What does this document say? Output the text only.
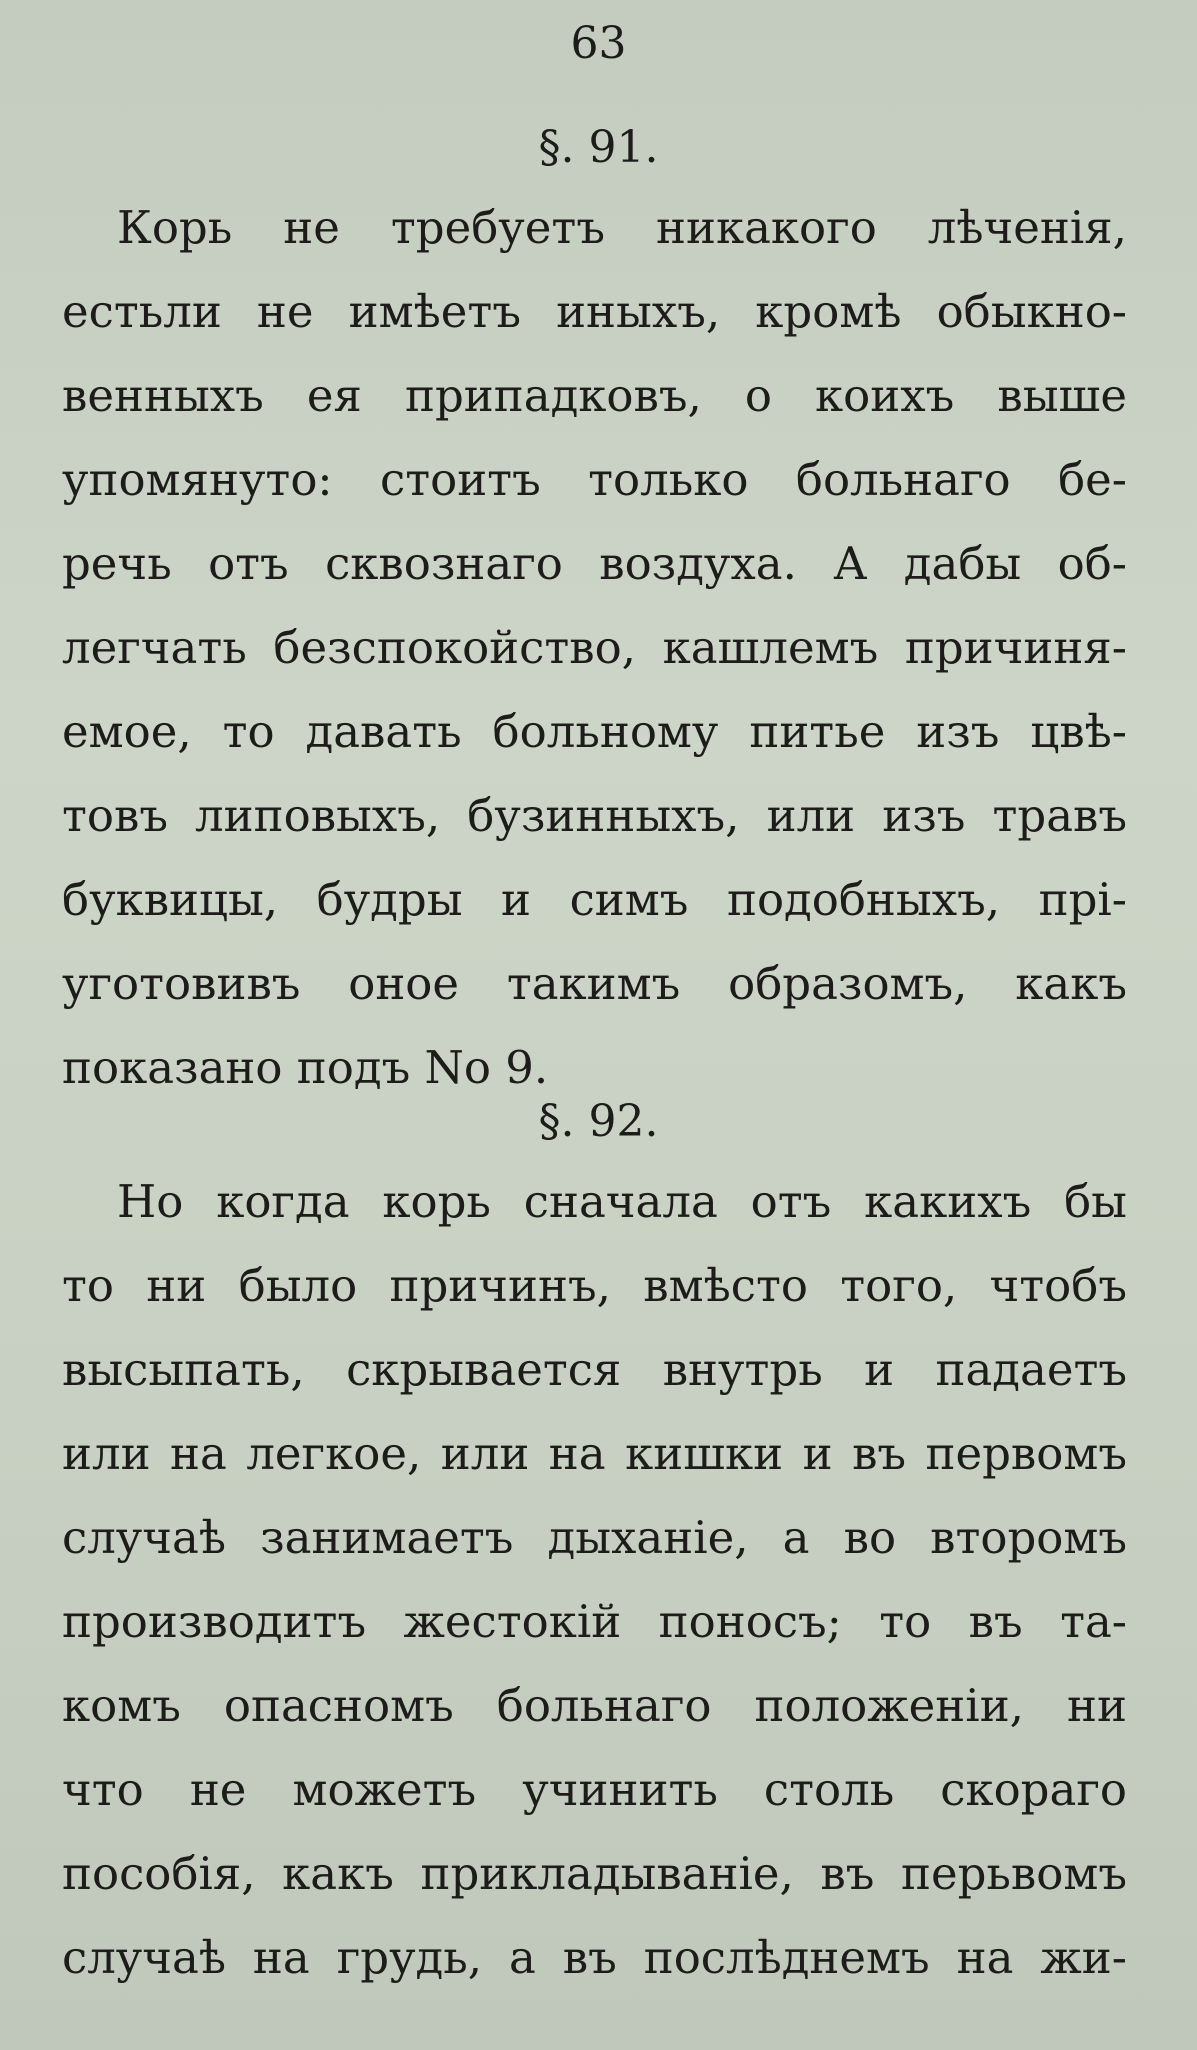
63
§. 91.
Корь не требуетъ никакого лѣченія,
естьли не имѣетъ иныхъ, кромѣ обыкно-
венныхъ ея припадковъ, о коихъ выше
упомянуто: стоитъ только больнаго бе-
речь отъ сквознаго воздуха. А дабы об-
легчать безспокойство, кашлемъ причиня-
емое, то давать больному питье изъ цвѣ-
товъ липовыхъ, бузинныхъ, или изъ травъ
буквицы, будры и симъ подобныхъ, прі-
уготовивъ оное такимъ образомъ, какъ
показано подъ No 9.
§. 92.
Но когда корь сначала отъ какихъ бы
то ни было причинъ, вмѣсто того, чтобъ
высыпать, скрывается внутрь и падаетъ
или на легкое, или на кишки и въ первомъ
случаѣ занимаетъ дыханіе, а во второмъ
производитъ жестокій поносъ; то въ та-
комъ опасномъ больнаго положеніи, ни
что не можетъ учинить столь скораго
пособія, какъ прикладываніе, въ перьвомъ
случаѣ на грудь, а въ послѣднемъ на жи-
